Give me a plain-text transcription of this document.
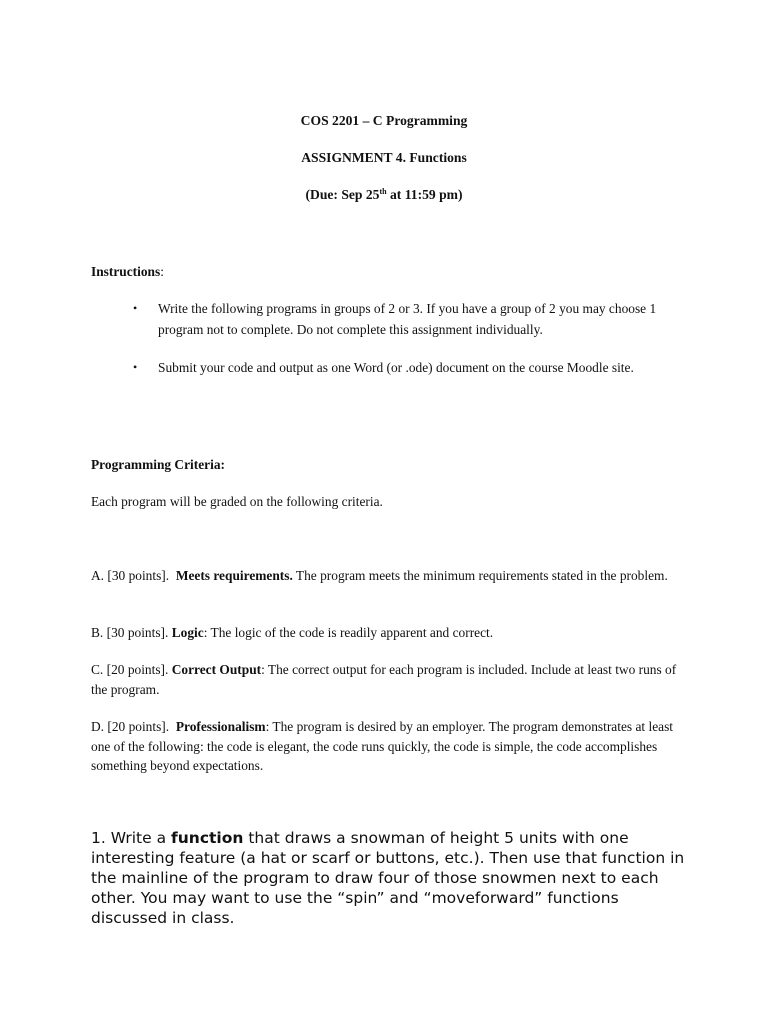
COS 2201 – C Programming
ASSIGNMENT 4. Functions
(Due: Sep 25th at 11:59 pm)
Instructions:
•	Write the following programs in groups of 2 or 3. If you have a group of 2 you may choose 1 program not to complete. Do not complete this assignment individually.
•	Submit your code and output as one Word (or .ode) document on the course Moodle site.
Programming Criteria:
Each program will be graded on the following criteria.
A. [30 points].  Meets requirements. The program meets the minimum requirements stated in the problem.
B. [30 points]. Logic: The logic of the code is readily apparent and correct.
C. [20 points]. Correct Output: The correct output for each program is included. Include at least two runs of the program.
D. [20 points].  Professionalism: The program is desired by an employer. The program demonstrates at least one of the following: the code is elegant, the code runs quickly, the code is simple, the code accomplishes something beyond expectations.
1. Write a function that draws a snowman of height 5 units with one interesting feature (a hat or scarf or buttons, etc.). Then use that function in the mainline of the program to draw four of those snowmen next to each other. You may want to use the “spin” and “moveforward” functions discussed in class.
